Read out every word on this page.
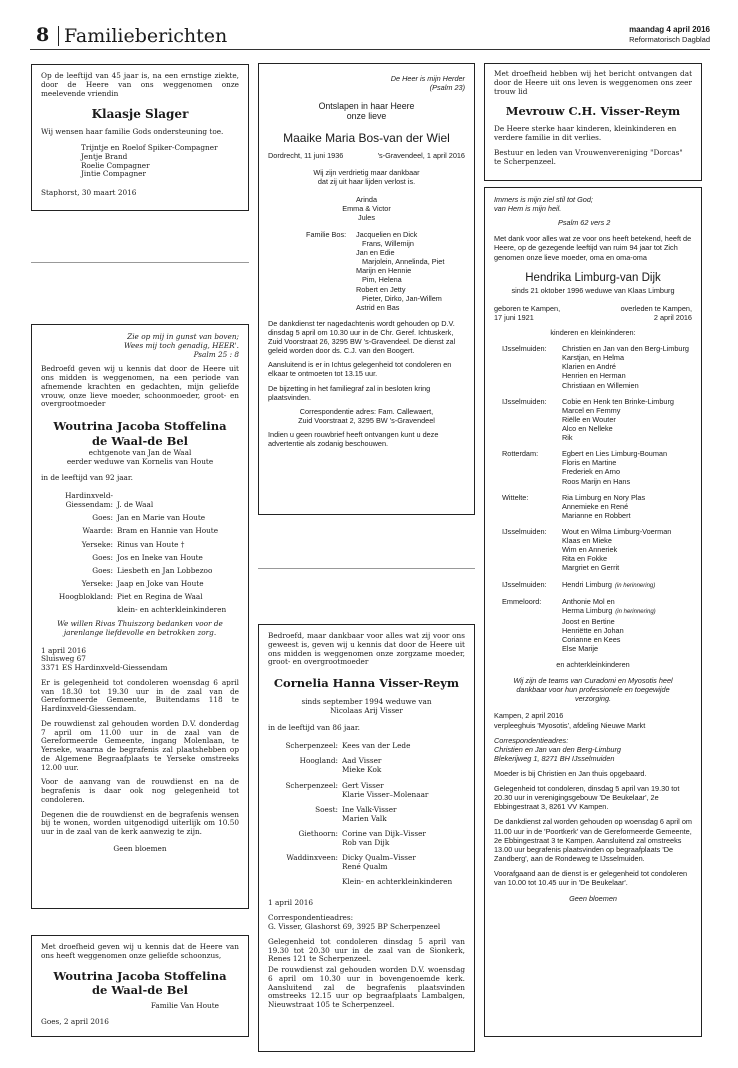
8 Familieberichten	maandag 4 april 2016
Reformatorisch Dagblad
Op de leeftijd van 45 jaar is, na een ernstige ziekte, door de Heere van ons weggenomen onze meelevende vriendin
Klaasje Slager
Wij wensen haar familie Gods ondersteuning toe.
Trijntje en Roelof Spiker-Compagner
Jentje Brand
Roelie Compagner
Jintie Compagner
Staphorst, 30 maart 2016
Zie op mij in gunst van boven;
Wees mij toch genadig, HEER'.
Psalm 25 : 8
Bedroefd geven wij u kennis dat door de Heere uit ons midden is weggenomen, na een periode van afnemende krachten en gedachten, mijn geliefde vrouw, onze lieve moeder, schoonmoeder, groot- en overgrootmoeder
Woutrina Jacoba Stoffelina
de Waal-de Bel
echtgenote van Jan de Waal
eerder weduwe van Kornelis van Houte
in de leeftijd van 92 jaar.
Hardinxveld-
Giessendam: J. de Waal
Goes: Jan en Marie van Houte
Waarde: Bram en Hannie van Houte
Yerseke: Rinus van Houte †
Goes: Jos en Ineke van Houte
Goes: Liesbeth en Jan Lobbezoo
Yerseke: Jaap en Joke van Houte
Hoogblokland: Piet en Regina de Waal
klein- en achterkleinkinderen
We willen Rivas Thuiszorg bedanken voor de jarenlange liefdevolle en betrokken zorg.
1 april 2016
Sluisweg 67
3371 ES Hardinxveld-Giessendam
Er is gelegenheid tot condoleren woensdag 6 april van 18.30 tot 19.30 uur in de zaal van de Gereformeerde Gemeente, Buitendams 118 te Hardinxveld-Giessendam.
De rouwdienst zal gehouden worden D.V. donderdag 7 april om 11.00 uur in de zaal van de Gereformeerde Gemeente, ingang Molenlaan, te Yerseke, waarna de begrafenis zal plaatshebben op de Algemene Begraafplaats te Yerseke omstreeks 12.00 uur.
Voor de aanvang van de rouwdienst en na de begrafenis is daar ook nog gelegenheid tot condoleren.
Degenen die de rouwdienst en de begrafenis wensen bij te wonen, worden uitgenodigd uiterlijk om 10.50 uur in de zaal van de kerk aanwezig te zijn.
Geen bloemen
Met droefheid geven wij u kennis dat de Heere van ons heeft weggenomen onze geliefde schoonzus,
Woutrina Jacoba Stoffelina
de Waal-de Bel
Familie Van Houte
Goes, 2 april 2016
De Heer is mijn Herder
(Psalm 23)
Ontslapen in haar Heere
onze lieve
Maaike Maria Bos-van der Wiel
Dordrecht, 11 juni 1936	's-Gravendeel, 1 april 2016
Wij zijn verdrietig maar dankbaar
dat zij uit haar lijden verlost is.
Arinda
Emma & Victor
Jules
Familie Bos:	Jacquelien en Dick
Frans, Willemijn
Jan en Edie
Marjolein, Annelinda, Piet
Marijn en Hennie
Pim, Helena
Robert en Jetty
Pieter, Dirko, Jan-Willem
Astrid en Bas
De dankdienst ter nagedachtenis wordt gehouden op D.V. dinsdag 5 april om 10.30 uur in de Chr. Geref. Ichtuskerk, Zuid Voorstraat 26, 3295 BW 's-Gravendeel. De dienst zal geleid worden door ds. C.J. van den Boogert.
Aansluitend is er in Ichtus gelegenheid tot condoleren en elkaar te ontmoeten tot 13.15 uur.
De bijzetting in het familiegraf zal in besloten kring plaatsvinden.
Correspondentie adres: Fam. Callewaert,
Zuid Voorstraat 2, 3295 BW 's-Gravendeel
Indien u geen rouwbrief heeft ontvangen kunt u deze advertentie als zodanig beschouwen.
Bedroefd, maar dankbaar voor alles wat zij voor ons geweest is, geven wij u kennis dat door de Heere uit ons midden is weggenomen onze zorgzame moeder, groot- en overgrootmoeder
Cornelia Hanna Visser-Reym
sinds september 1994 weduwe van
Nicolaas Arij Visser
in de leeftijd van 86 jaar.
Scherpenzeel: Kees van der Lede
Hoogland: Aad Visser
Mieke Kok
Scherpenzeel: Gert Visser
Klarie Visser–Molenaar
Soest: Ine Valk-Visser
Marien Valk
Giethoorn: Corine van Dijk–Visser
Rob van Dijk
Waddinxveen: Dicky Qualm–Visser
René Qualm
Klein- en achterkleinkinderen
1 april 2016
Correspondentieadres:
G. Visser, Glashorst 69, 3925 BP Scherpenzeel
Gelegenheid tot condoleren dinsdag 5 april van 19.30 tot 20.30 uur in de zaal van de Sionkerk, Renes 121 te Scherpenzeel.
De rouwdienst zal gehouden worden D.V. woensdag 6 april om 10.30 uur in bovengenoemde kerk. Aansluitend zal de begrafenis plaatsvinden omstreeks 12.15 uur op begraafplaats Lambalgen, Nieuwstraat 105 te Scherpenzeel.
Met droefheid hebben wij het bericht ontvangen dat door de Heere uit ons leven is weggenomen ons zeer trouw lid
Mevrouw C.H. Visser-Reym
De Heere sterke haar kinderen, kleinkinderen en verdere familie in dit verlies.
Bestuur en leden van Vrouwenvereniging "Dorcas" te Scherpenzeel.
Immers is mijn ziel stil tot God;
van Hem is mijn heil.
Psalm 62 vers 2
Met dank voor alles wat ze voor ons heeft betekend, heeft de Heere, op de gezegende leeftijd van ruim 94 jaar tot Zich genomen onze lieve moeder, oma en oma-oma
Hendrika Limburg-van Dijk
sinds 21 oktober 1996 weduwe van Klaas Limburg
geboren te Kampen,
17 juni 1921
overleden te Kampen,
2 april 2016
kinderen en kleinkinderen:
IJsselmuiden:	Christien en Jan van den Berg-Limburg
Karstjan, en Helma
Klarien en André
Henrien en Herman
Christiaan en Willemien
IJsselmuiden:	Cobie en Henk ten Brinke-Limburg
Marcel en Femmy
Riëlle en Wouter
Alco en Nelleke
Rik
Rotterdam:	Egbert en Lies Limburg-Bouman
Floris en Martine
Frederiek en Arno
Roos Marijn en Hans
Wittelte:	Ria Limburg en Nory Plas
Annemieke en René
Marianne en Robbert
IJsselmuiden:	Wout en Wilma Limburg-Voerman
Klaas en Mieke
Wim en Anneriek
Rita en Fokke
Margriet en Gerrit
IJsselmuiden:	Hendri Limburg (in herinnering)
Emmeloord:	Anthonie Mol en
Herma Limburg (in herinnering)
Joost en Bertine
Henriëtte en Johan
Corianne en Kees
Else Marije
en achterkleinkinderen
Wij zijn de teams van Curadomi en Myosotis heel dankbaar voor hun professionele en toegewijde verzorging.
Kampen, 2 april 2016
verpleeghuis 'Myosotis', afdeling Nieuwe Markt
Correspondentieadres:
Christien en Jan van den Berg-Limburg
Blekerijweg 1, 8271 BH IJsselmuiden
Moeder is bij Christien en Jan thuis opgebaard.
Gelegenheid tot condoleren, dinsdag 5 april van 19.30 tot 20.30 uur in verenigingsgebouw 'De Beukelaar', 2e Ebbingestraat 3, 8261 VV Kampen.
De dankdienst zal worden gehouden op woensdag 6 april om 11.00 uur in de 'Poortkerk' van de Gereformeerde Gemeente, 2e Ebbingestraat 3 te Kampen. Aansluitend zal omstreeks 13.00 uur begrafenis plaatsvinden op begraafplaats 'De Zandberg', aan de Rondeweg te IJsselmuiden.
Voorafgaand aan de dienst is er gelegenheid tot condoleren van 10.00 tot 10.45 uur in 'De Beukelaar'.
Geen bloemen
